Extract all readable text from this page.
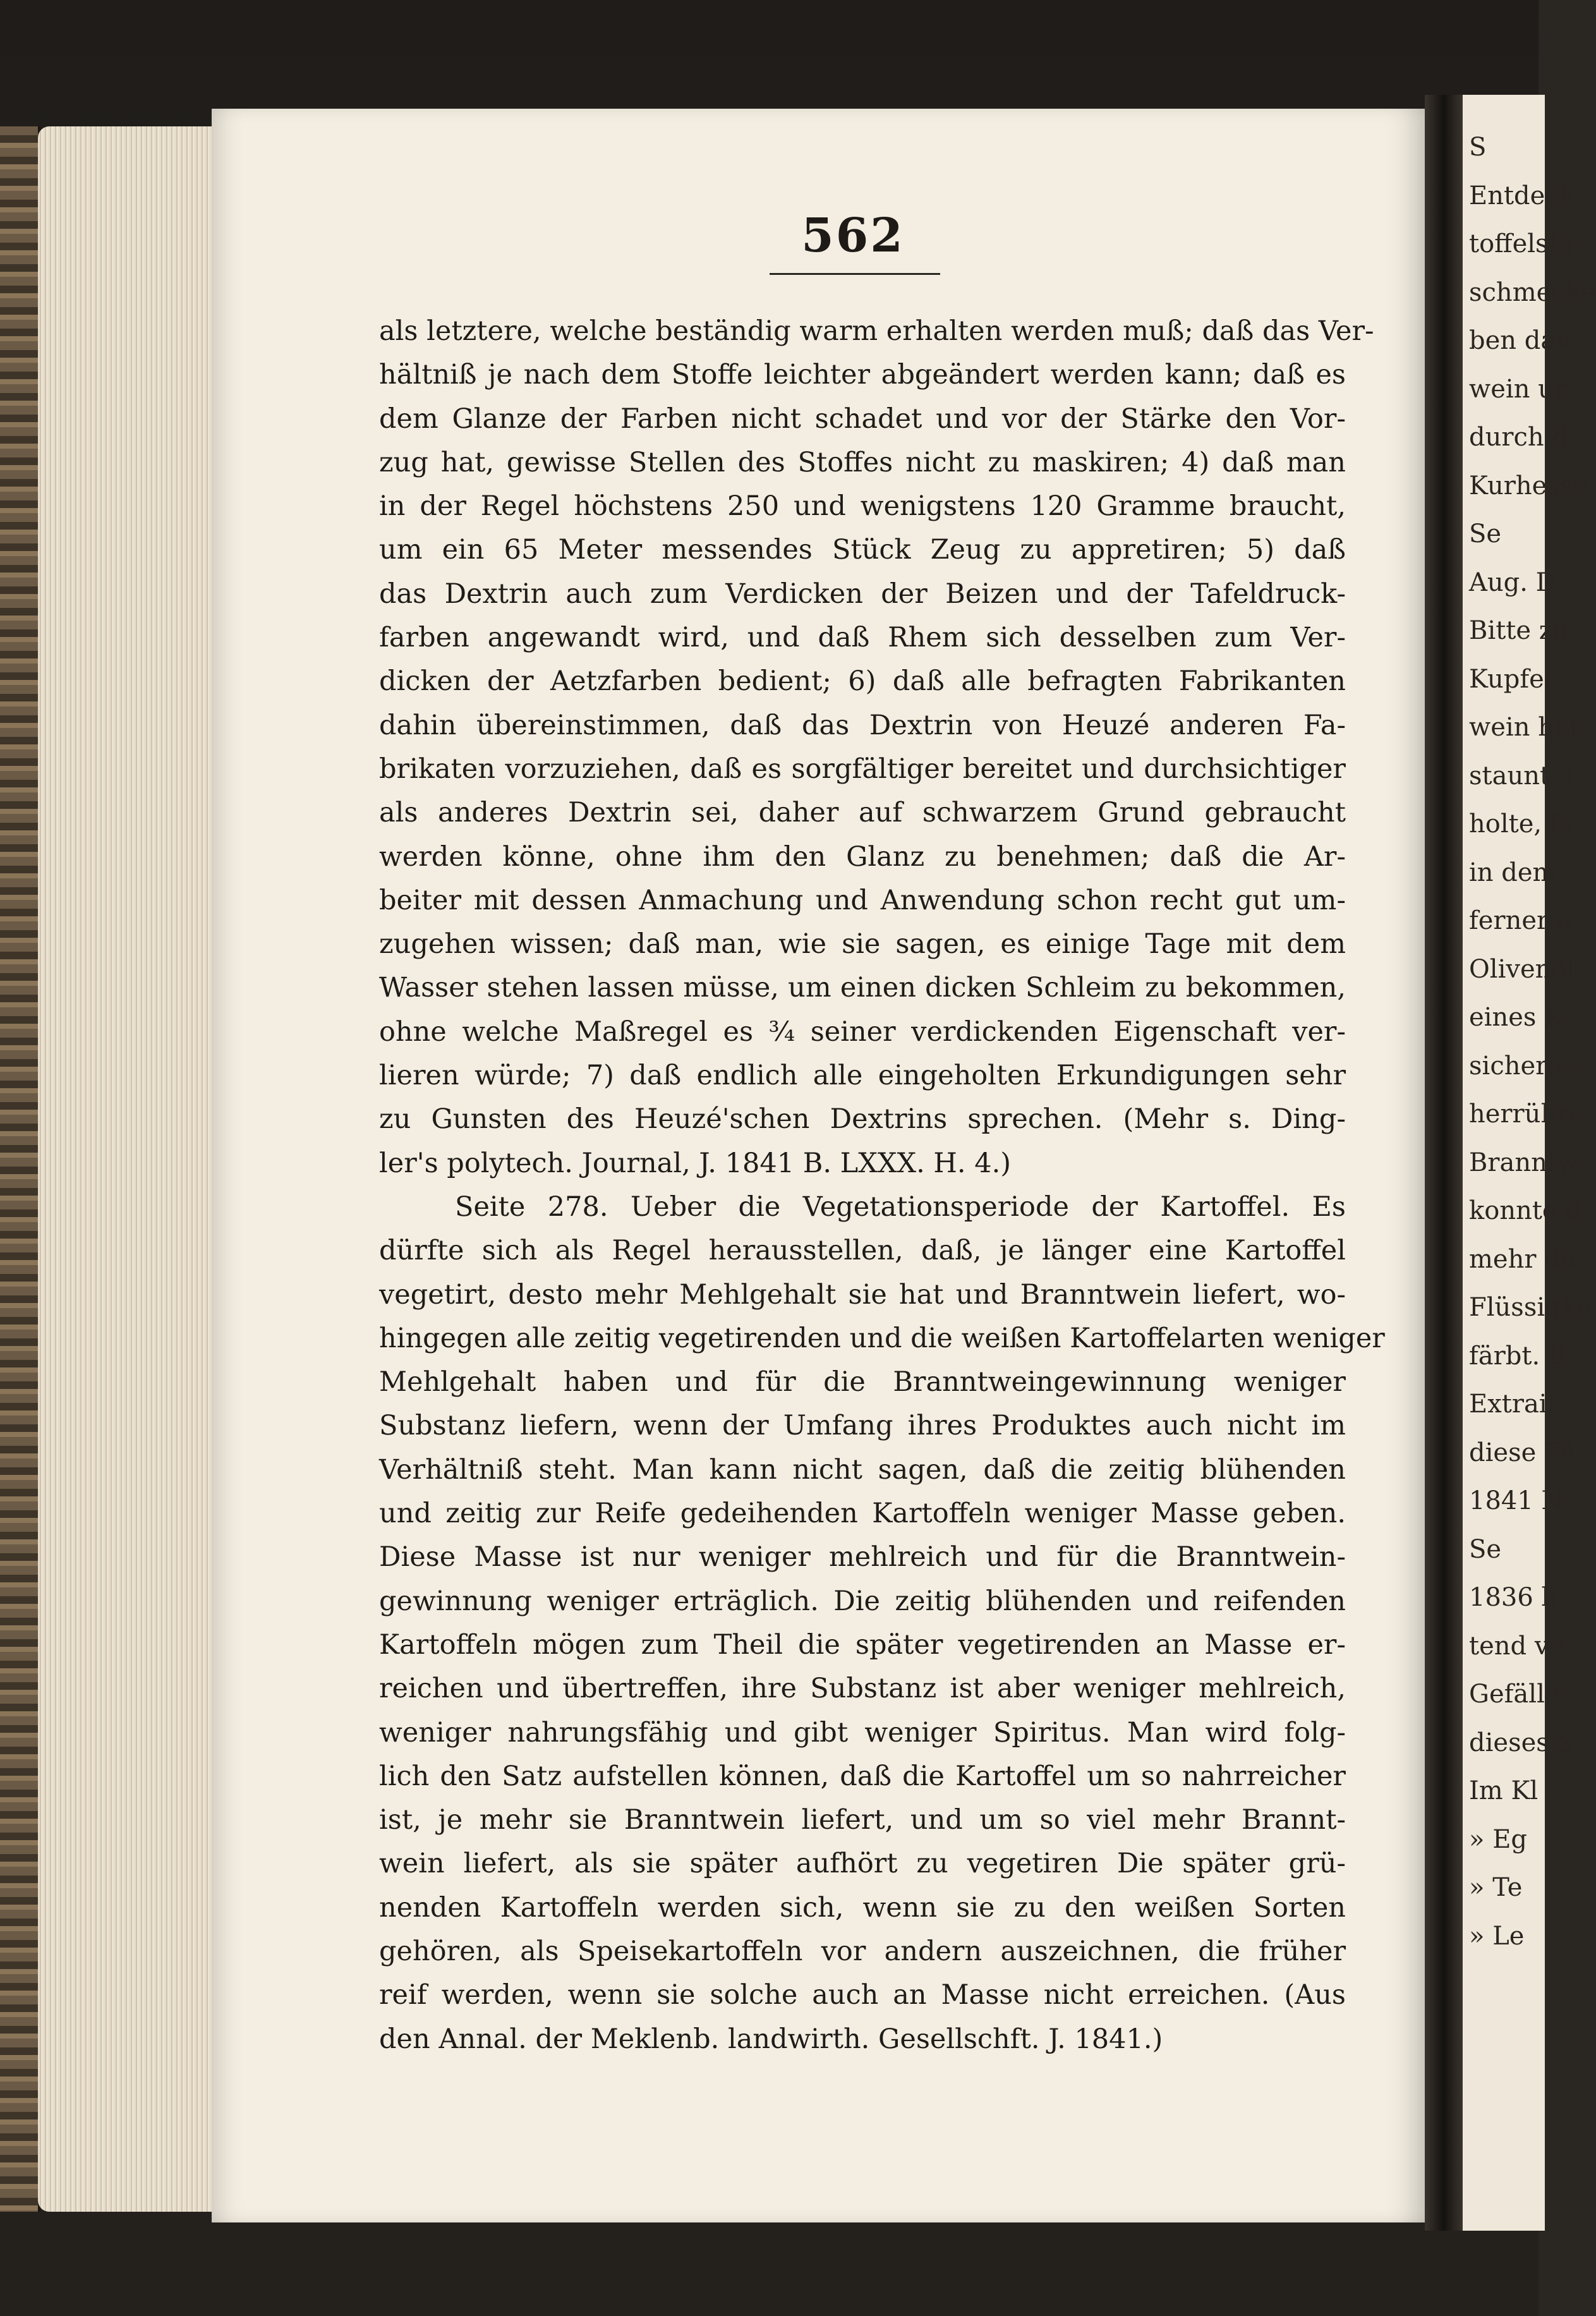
S
Entdeck
toffelstä
schmecke
ben dav
wein ur
durch d
Kurhesse
Se
Aug. D
Bitte zu
Kupfer
wein hat
staunt, i
holte, fa
in dem
ferner a
Olivenöl
eines K
sicheres
herrühre
Branntw
konnte d
mehr da
Flüssigke
färbt. E
Extrait
diese Fä
1841 N
Se
1836 b
tend ve
Gefälle
dieses S
Im Kl
» Eg
» Te
» Le
562
als letztere, welche beständig warm erhalten werden muß; daß das Ver-
hältniß je nach dem Stoffe leichter abgeändert werden kann; daß es
dem Glanze der Farben nicht schadet und vor der Stärke den Vor-
zug hat, gewisse Stellen des Stoffes nicht zu maskiren; 4) daß man
in der Regel höchstens 250 und wenigstens 120 Gramme braucht,
um ein 65 Meter messendes Stück Zeug zu appretiren; 5) daß
das Dextrin auch zum Verdicken der Beizen und der Tafeldruck-
farben angewandt wird, und daß Rhem sich desselben zum Ver-
dicken der Aetzfarben bedient; 6) daß alle befragten Fabrikanten
dahin übereinstimmen, daß das Dextrin von Heuzé anderen Fa-
brikaten vorzuziehen, daß es sorgfältiger bereitet und durchsichtiger
als anderes Dextrin sei, daher auf schwarzem Grund gebraucht
werden könne, ohne ihm den Glanz zu benehmen; daß die Ar-
beiter mit dessen Anmachung und Anwendung schon recht gut um-
zugehen wissen; daß man, wie sie sagen, es einige Tage mit dem
Wasser stehen lassen müsse, um einen dicken Schleim zu bekommen,
ohne welche Maßregel es ¾ seiner verdickenden Eigenschaft ver-
lieren würde; 7) daß endlich alle eingeholten Erkundigungen sehr
zu Gunsten des Heuzé'schen Dextrins sprechen. (Mehr s. Ding-
ler's polytech. Journal, J. 1841 B. LXXX. H. 4.)
Seite 278. Ueber die Vegetationsperiode der Kartoffel. Es
dürfte sich als Regel herausstellen, daß, je länger eine Kartoffel
vegetirt, desto mehr Mehlgehalt sie hat und Branntwein liefert, wo-
hingegen alle zeitig vegetirenden und die weißen Kartoffelarten weniger
Mehlgehalt haben und für die Branntweingewinnung weniger
Substanz liefern, wenn der Umfang ihres Produktes auch nicht im
Verhältniß steht. Man kann nicht sagen, daß die zeitig blühenden
und zeitig zur Reife gedeihenden Kartoffeln weniger Masse geben.
Diese Masse ist nur weniger mehlreich und für die Branntwein-
gewinnung weniger erträglich. Die zeitig blühenden und reifenden
Kartoffeln mögen zum Theil die später vegetirenden an Masse er-
reichen und übertreffen, ihre Substanz ist aber weniger mehlreich,
weniger nahrungsfähig und gibt weniger Spiritus. Man wird folg-
lich den Satz aufstellen können, daß die Kartoffel um so nahrreicher
ist, je mehr sie Branntwein liefert, und um so viel mehr Brannt-
wein liefert, als sie später aufhört zu vegetiren Die später grü-
nenden Kartoffeln werden sich, wenn sie zu den weißen Sorten
gehören, als Speisekartoffeln vor andern auszeichnen, die früher
reif werden, wenn sie solche auch an Masse nicht erreichen. (Aus
den Annal. der Meklenb. landwirth. Gesellschft. J. 1841.)
